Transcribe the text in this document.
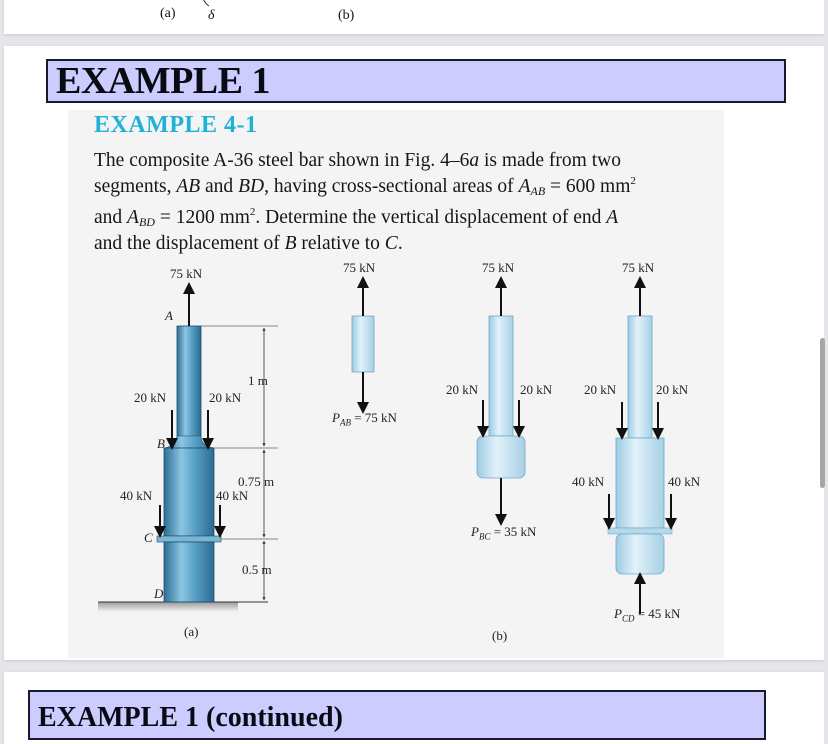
(a) δ	(b)
EXAMPLE 1
EXAMPLE 4-1
The composite A-36 steel bar shown in Fig. 4–6a is made from two
segments, AB and BD, having cross-sectional areas of $A_{AB} = 600$ $mm^2$
and $A_{BD} = 1200$ $mm^2$. Determine the vertical displacement of end A
and the displacement of B relative to C.
75 kN
A
20 kN	20 kN
1 m
B
0.75 m
40 kN	40 kN
C
0.5 m
D
(a)
75 kN
$P_{AB} = 75$ kN
75 kN
20 kN	20 kN
$P_{BC} = 35$ kN
(b)
75 kN
20 kN	20 kN
40 kN	40 kN
$P_{CD} = 45$ kN
EXAMPLE 1 (continued)
